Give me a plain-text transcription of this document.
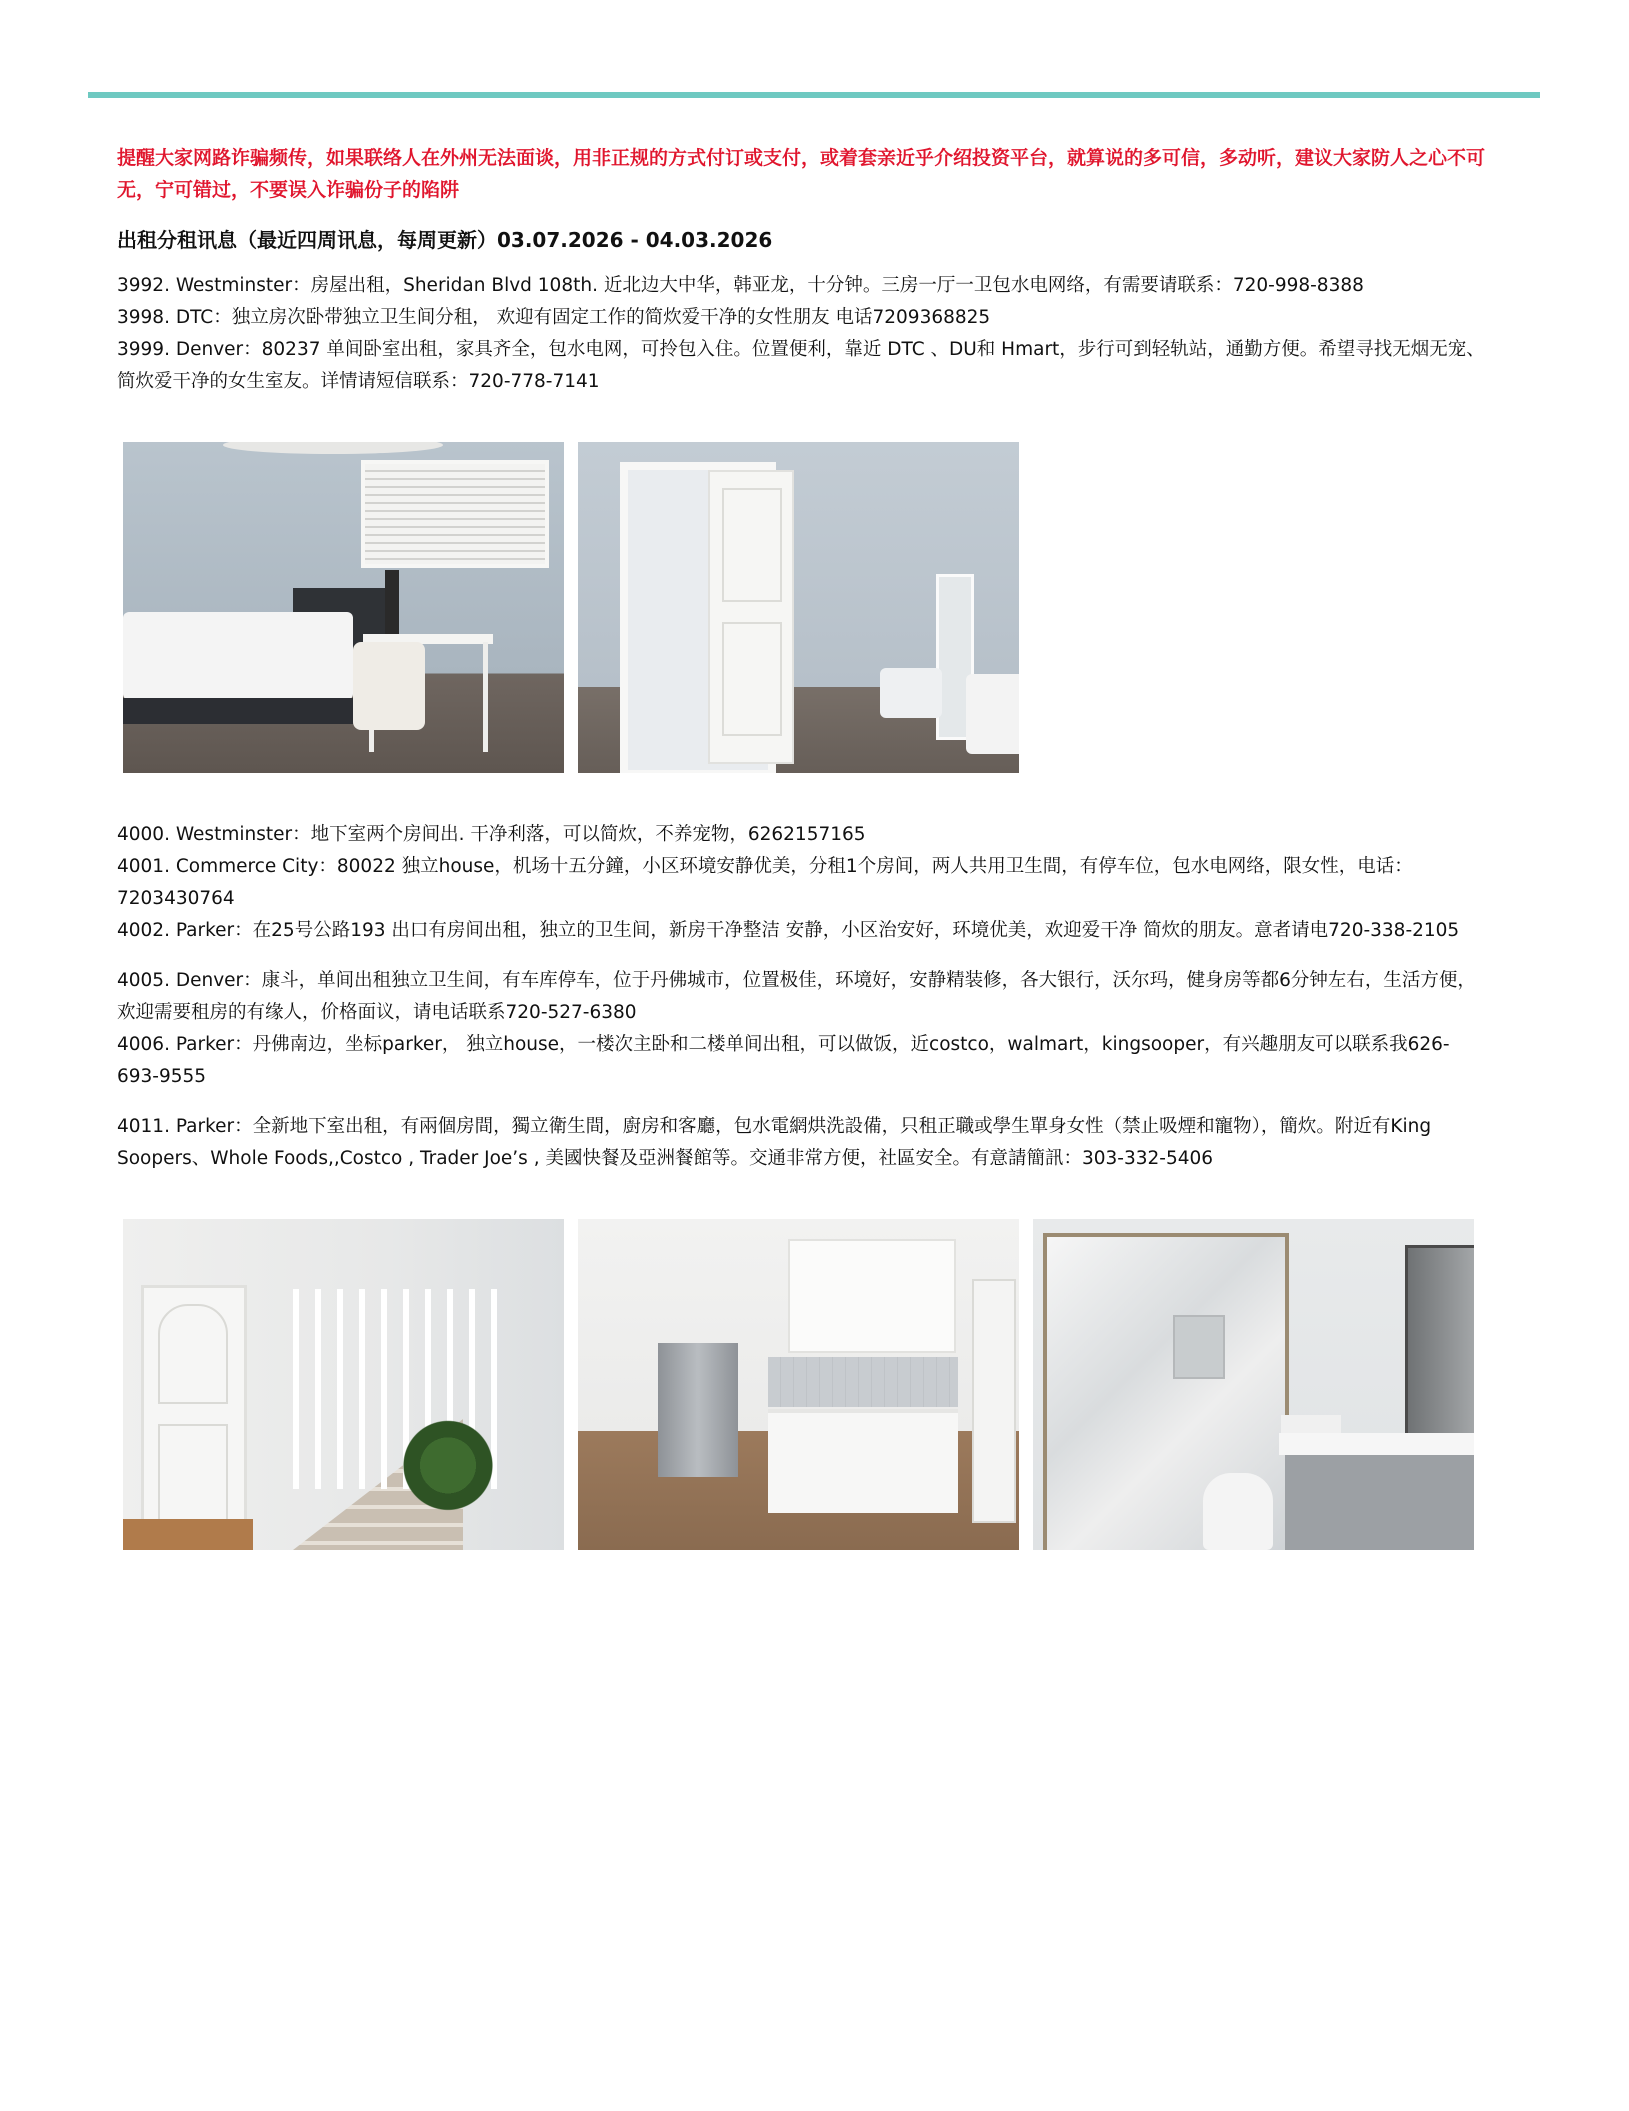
提醒大家网路诈骗频传，如果联络人在外州无法面谈，用非正规的方式付订或支付，或着套亲近乎介绍投资平台，就算说的多可信，多动听，建议大家防人之心不可无，宁可错过，不要误入诈骗份子的陷阱

出租分租讯息（最近四周讯息，每周更新）03.07.2026 - 04.03.2026
3992. Westminster：房屋出租，Sheridan Blvd 108th. 近北边大中华，韩亚龙，十分钟。三房一厅一卫包水电网络，有需要请联系：720-998-8388
3998. DTC：独立房次卧带独立卫生间分租， 欢迎有固定工作的简炊爱干净的女性朋友 电话7209368825
3999. Denver：80237 单间卧室出租，家具齐全，包水电网，可拎包入住。位置便利，靠近 DTC 、DU和 Hmart，步行可到轻轨站，通勤方便。希望寻找无烟无宠、简炊爱干净的女生室友。详情请短信联系：720-778-7141
4000. Westminster：地下室两个房间出. 干净利落，可以简炊，不养宠物，6262157165
4001. Commerce City：80022 独立house，机场十五分鐘，小区环境安静优美，分租1个房间，两人共用卫生間，有停车位，包水电网络，限女性，电话：7203430764
4002. Parker：在25号公路193 出口有房间出租，独立的卫生间，新房干净整洁 安静，小区治安好，环境优美，欢迎爱干净 简炊的朋友。意者请电720-338-2105
4005. Denver：康斗，单间出租独立卫生间，有车库停车，位于丹佛城市，位置极佳，环境好，安静精装修，各大银行，沃尔玛，健身房等都6分钟左右，生活方便，欢迎需要租房的有缘人，价格面议，请电话联系720-527-6380
4006. Parker：丹佛南边，坐标parker， 独立house，一楼次主卧和二楼单间出租，可以做饭，近costco，walmart，kingsooper，有兴趣朋友可以联系我626-693-9555
4011. Parker：全新地下室出租，有兩個房間，獨立衛生間，廚房和客廳，包水電網烘洗設備，只租正職或學生單身女性（禁止吸煙和寵物），簡炊。附近有King Soopers、Whole Foods,,Costco , Trader Joe’s , 美國快餐及亞洲餐館等。交通非常方便，社區安全。有意請簡訊：303-332-5406
